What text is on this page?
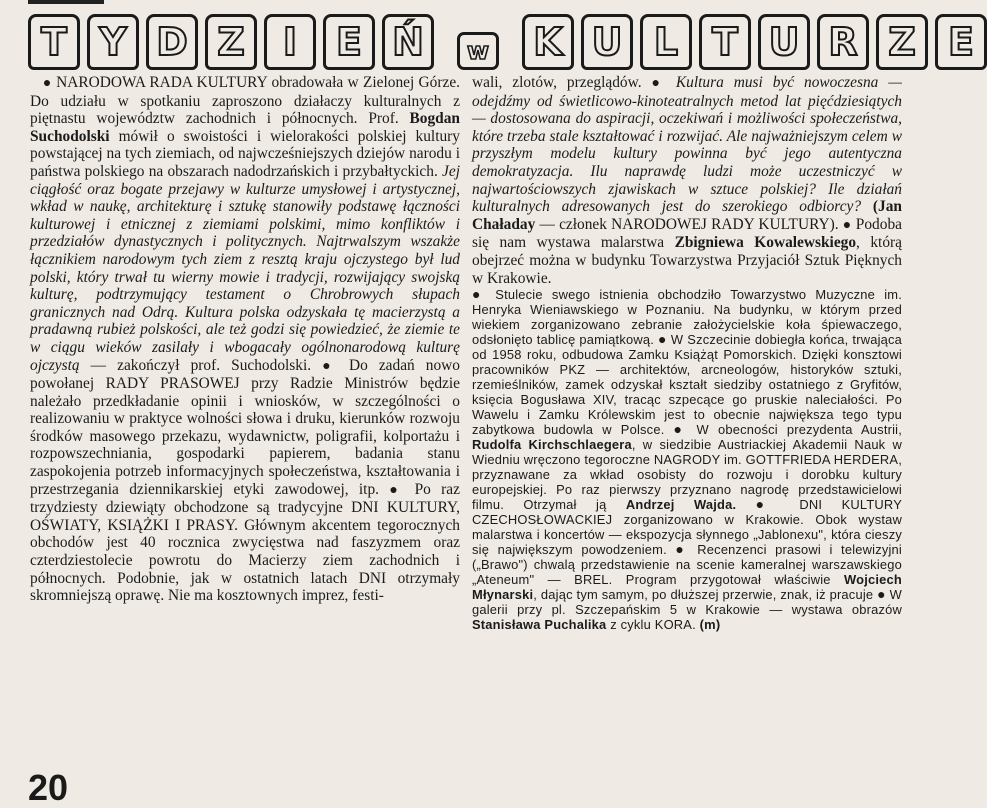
T Y D Z	I	E Ń	w K U L T U R Z E

● NARODOWA RADA KULTURY obradowała w Zielonej Górze. Do udziału w spotkaniu zaproszono działaczy kulturalnych z piętnastu województw zachodnich i północnych. Prof. Bogdan Suchodolski mówił o swoistości i wielorakości polskiej kultury powstającej na tych ziemiach, od najwcześniejszych dziejów narodu i państwa polskiego na obszarach nadodrzańskich i przybałtyckich. Jej ciągłość oraz bogate przejawy w kulturze umysłowej i artystycznej, wkład w naukę, architekturę i sztukę stanowiły podstawę łączności kulturowej i etnicznej z ziemiami polskimi, mimo konfliktów i przedziałów dynastycznych i politycznych. Najtrwalszym wszakże łącznikiem narodowym tych ziem z resztą kraju ojczystego był lud polski, który trwał tu wierny mowie i tradycji, rozwijający swojską kulturę, podtrzymujący testament o Chrobrowych słupach granicznych nad Odrą. Kultura polska odzyskała tę macierzystą a pradawną rubież polskości, ale też godzi się powiedzieć, że ziemie te w ciągu wieków zasilały i wbogacały ogólnonarodową kulturę ojczystą — zakończył prof. Suchodolski. ● Do zadań nowo powołanej RADY PRASOWEJ przy Radzie Ministrów będzie należało przedkładanie opinii i wniosków, w szczególności o realizowaniu w praktyce wolności słowa i druku, kierunków rozwoju środków masowego przekazu, wydawnictw, poligrafii, kolportażu i rozpowszechniania, gospodarki papierem, badania stanu zaspokojenia potrzeb informacyjnych społeczeństwa, kształtowania i przestrzegania dziennikarskiej etyki zawodowej, itp. ● Po raz trzydziesty dziewiąty obchodzone są tradycyjne DNI KULTURY, OŚWIATY, KSIĄŻKI I PRASY. Głównym akcentem tegorocznych obchodów jest 40 rocznica zwycięstwa nad faszyzmem oraz czterdziestolecie powrotu do Macierzy ziem zachodnich i północnych. Podobnie, jak w ostatnich latach DNI otrzymały skromniejszą oprawę. Nie ma kosztownych imprez, festi-

wali, zlotów, przeglądów. ● Kultura musi być nowoczesna — odejdźmy od świetlicowo-kinoteatralnych metod lat pięćdziesiątych — dostosowana do aspiracji, oczekiwań i możliwości społeczeństwa, które trzeba stale kształtować i rozwijać. Ale najważniejszym celem w przyszłym modelu kultury powinna być jego autentyczna demokratyzacja. Ilu naprawdę ludzi może uczestniczyć w najwartościowszych zjawiskach w sztuce polskiej? Ile działań kulturalnych adresowanych jest do szerokiego odbiorcy? (Jan Chaładay — członek NARODOWEJ RADY KULTURY). ● Podoba się nam wystawa malarstwa Zbigniewa Kowalewskiego, którą obejrzeć można w budynku Towarzystwa Przyjaciół Sztuk Pięknych w Krakowie.

● Stulecie swego istnienia obchodziło Towarzystwo Muzyczne im. Henryka Wieniawskiego w Poznaniu. Na budynku, w którym przed wiekiem zorganizowano zebranie założycielskie koła śpiewaczego, odsłonięto tablicę pamiątkową. ● W Szczecinie dobiegła końca, trwająca od 1958 roku, odbudowa Zamku Książąt Pomorskich. Dzięki konsztowi pracowników PKZ — architektów, arcneologów, historyków sztuki, rzemieślników, zamek odzyskał kształt siedziby ostatniego z Gryfitów, księcia Bogusława XIV, tracąc szpecące go pruskie naleciałości. Po Wawelu i Zamku Królewskim jest to obecnie największa tego typu zabytkowa budowla w Polsce. ● W obecności prezydenta Austrii, Rudolfa Kirchschlaegera, w siedzibie Austriackiej Akademii Nauk w Wiedniu wręczono tegoroczne NAGRODY im. GOTTFRIEDA HERDERA, przyznawane za wkład osobisty do rozwoju i dorobku kultury europejskiej. Po raz pierwszy przyznano nagrodę przedstawicielowi filmu. Otrzymał ją Andrzej Wajda. ● DNI KULTURY CZECHOSŁOWACKIEJ zorganizowano w Krakowie. Obok wystaw malarstwa i koncertów — ekspozycja słynnego „Jablonexu", która cieszy się największym powodzeniem. ● Recenzenci prasowi i telewizyjni („Brawo") chwalą przedstawienie na scenie kameralnej warszawskiego „Ateneum" — BREL. Program przygotował właściwie Wojciech Młynarski, dając tym samym, po dłuższej przerwie, znak, iż pracuje ● W galerii przy pl. Szczepańskim 5 w Krakowie — wystawa obrazów Stanisława Puchalika z cyklu KORA. (m)

20
